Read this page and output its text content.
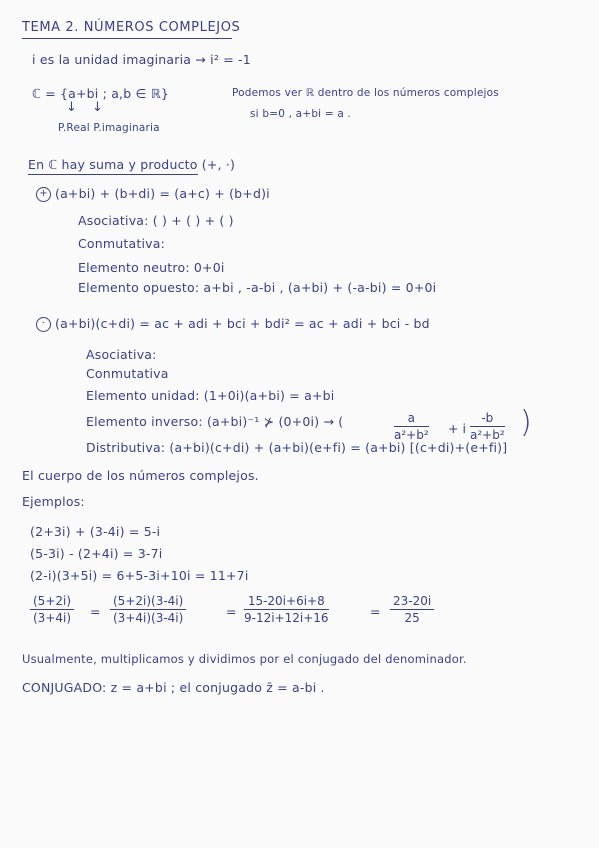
TEMA 2. NÚMEROS COMPLEJOS
i es la unidad imaginaria → i² = -1
ℂ = {a+bi ; a,b ∈ ℝ}	Podemos ver ℝ dentro de los números complejos
si b=0 , a+bi = a .
↓ ↓
P.Real P.imaginaria
En ℂ hay suma y producto (+, ·)
+ (a+bi) + (b+di) = (a+c) + (b+d)i
Asociativa: ( ) + ( ) + ( )
Conmutativa:
Elemento neutro: 0+0i
Elemento opuesto: a+bi , -a-bi , (a+bi) + (-a-bi) = 0+0i
· (a+bi)(c+di) = ac + adi + bci + bdi² = ac + adi + bci - bd
Asociativa:
Conmutativa
Elemento unidad: (1+0i)(a+bi) = a+bi
Elemento inverso: (a+bi)⁻¹ ⊁ (0+0i) → (	$\frac{a}{\text{a²+b²}} + i \frac{-b}{\text{a²+b²}}$ )
Distributiva: (a+bi)(c+di) + (a+bi)(e+fi) = (a+bi) [(c+di)+(e+fi)]
El cuerpo de los números complejos.
Ejemplos:
(2+3i) + (3-4i) = 5-i
(5-3i) - (2+4i) = 3-7i
(2-i)(3+5i) = 6+5-3i+10i = 11+7i
$\frac{(5+2i)}{(3+4i)} = \frac{(5+2i)(3-4i)}{(3+4i)(3-4i)}$	= $\frac{15-20i+6i+8}{9-12i+12i+16}$	= $\frac{23-20i}{25}$
Usualmente, multiplicamos y dividimos por el conjugado del denominador.
CONJUGADO: z = a+bi ; el conjugado z̄ = a-bi .
